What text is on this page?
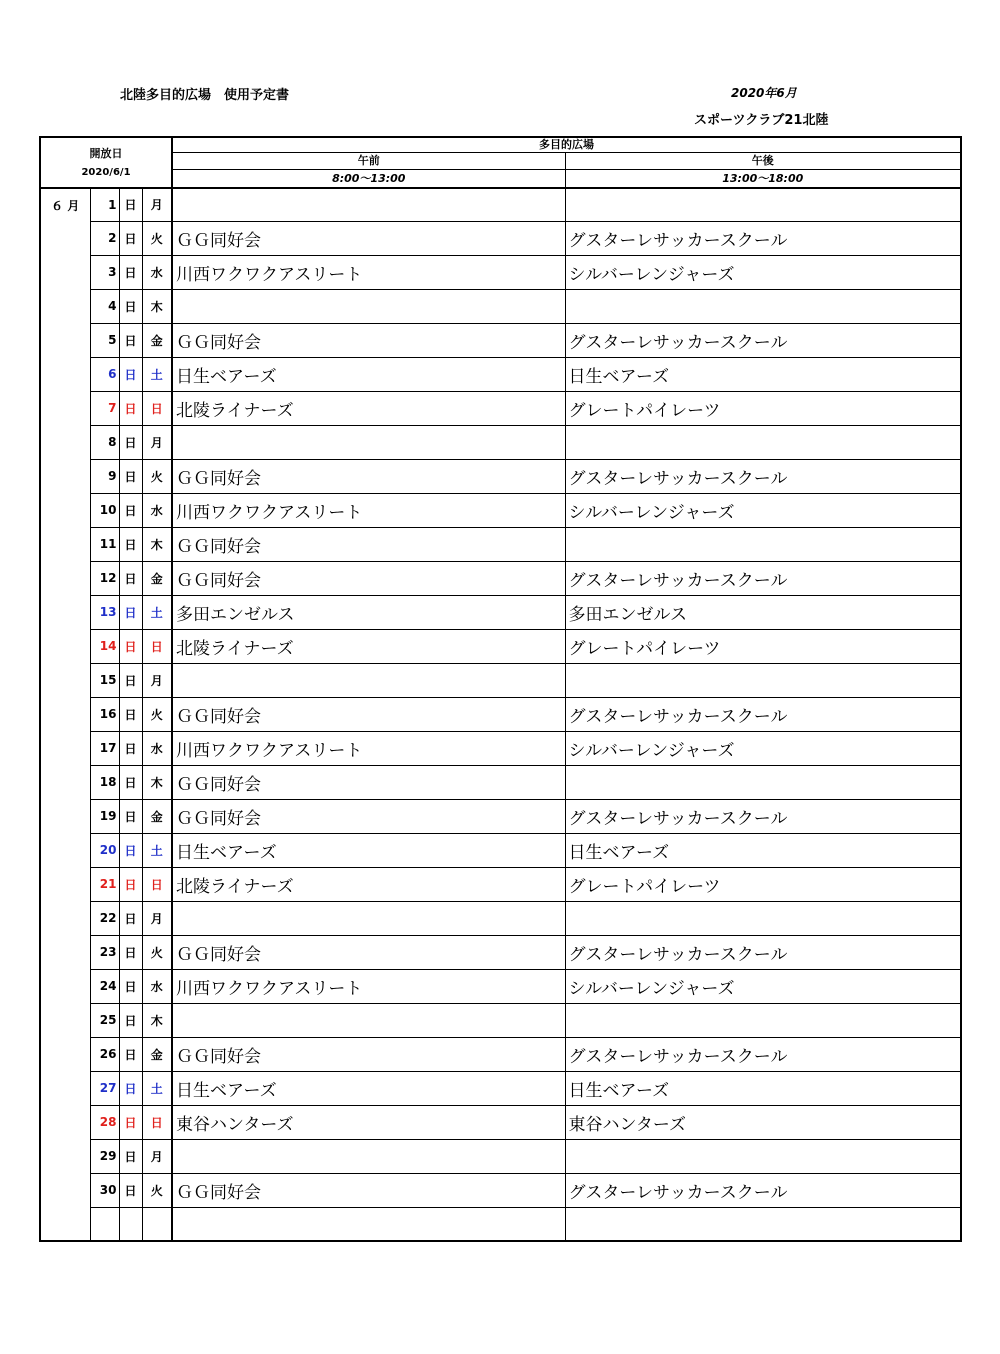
北陸多目的広場　使用予定書	2020年6月
スポーツクラブ21北陸
開放日
2020/6/1				多目的広場	
				午前	午後
				8:00～13:00	13:00～18:00
６ 月	1	日	月		
	2	日	火	ＧＧ同好会	グスターレサッカースクール
	3	日	水	川西ワクワクアスリート	シルバーレンジャーズ
	4	日	木		
	5	日	金	ＧＧ同好会	グスターレサッカースクール
	6	日	土	日生ベアーズ	日生ベアーズ
	7	日	日	北陵ライナーズ	グレートパイレーツ
	8	日	月		
	9	日	火	ＧＧ同好会	グスターレサッカースクール
	10	日	水	川西ワクワクアスリート	シルバーレンジャーズ
	11	日	木	ＧＧ同好会	
	12	日	金	ＧＧ同好会	グスターレサッカースクール
	13	日	土	多田エンゼルス	多田エンゼルス
	14	日	日	北陵ライナーズ	グレートパイレーツ
	15	日	月		
	16	日	火	ＧＧ同好会	グスターレサッカースクール
	17	日	水	川西ワクワクアスリート	シルバーレンジャーズ
	18	日	木	ＧＧ同好会	
	19	日	金	ＧＧ同好会	グスターレサッカースクール
	20	日	土	日生ベアーズ	日生ベアーズ
	21	日	日	北陵ライナーズ	グレートパイレーツ
	22	日	月		
	23	日	火	ＧＧ同好会	グスターレサッカースクール
	24	日	水	川西ワクワクアスリート	シルバーレンジャーズ
	25	日	木		
	26	日	金	ＧＧ同好会	グスターレサッカースクール
	27	日	土	日生ベアーズ	日生ベアーズ
	28	日	日	東谷ハンターズ	東谷ハンターズ
	29	日	月		
	30	日	火	ＧＧ同好会	グスターレサッカースクール
